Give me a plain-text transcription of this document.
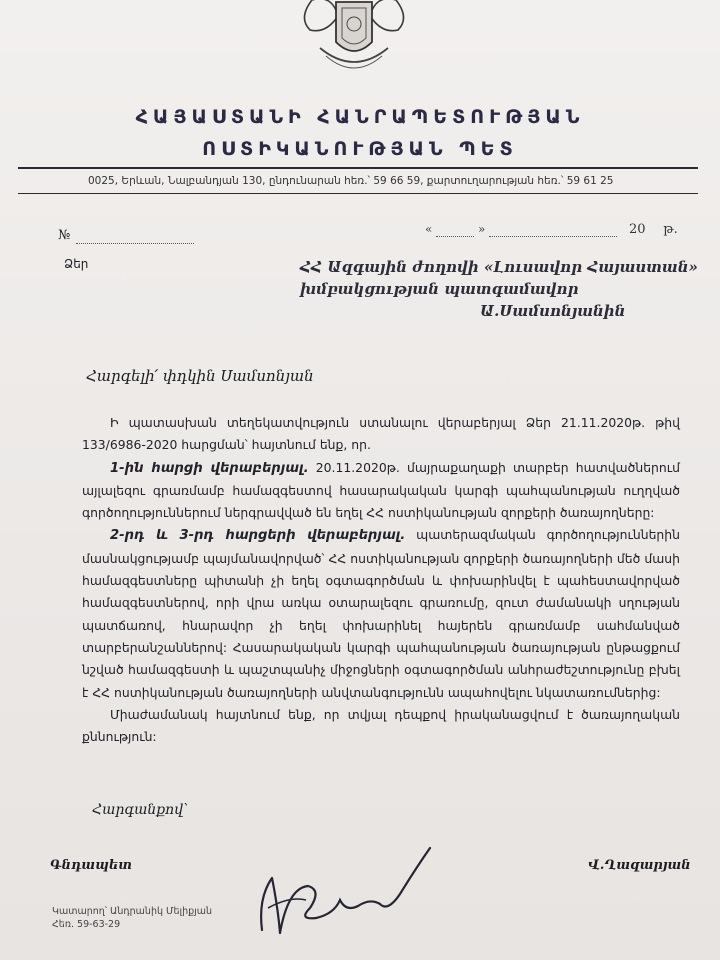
ՀԱՅԱՍՏԱՆԻ ՀԱՆՐԱՊԵՏՈՒԹՅԱՆ
ՈՍՏԻԿԱՆՈՒԹՅԱՆ ՊԵՏ
0025, Երևան, Նալբանդյան 130, ընդունարան հեռ.՝ 59 66 59, քարտուղարության հեռ.՝ 59 61 25
№	«	»	20 թ.
Ձեր	ՀՀ Ազգային ժողովի «Լուսավոր Հայաստան»
խմբակցության պատգամավոր
Ա.Սամսոնյանին
Հարգելի՛ փդկին Սամսոնյան

Ի պատասխան տեղեկատվություն ստանալու վերաբերյալ Ձեր 21.11.2020թ. թիվ 133/6986-2020 հարցման՝ հայտնում ենք, որ.

1-ին հարցի վերաբերյալ. 20.11.2020թ. մայրաքաղաքի տարբեր հատվածներում այլալեզու գրառմամբ համազգեստով հասարակական կարգի պահպանության ուղղված գործողություններում ներգրավված են եղել ՀՀ ոստիկանության զորքերի ծառայողները:

2-րդ և 3-րդ հարցերի վերաբերյալ. պատերազմական գործողություններին մասնակցությամբ պայմանավորված՝ ՀՀ ոստիկանության զորքերի ծառայողների մեծ մասի համազգեստները պիտանի չի եղել օգտագործման և փոխարինվել է պահեստավորված համազգեստներով, որի վրա առկա օտարալեզու գրառումը, զուտ ժամանակի սղության պատճառով, հնարավոր չի եղել փոխարինել հայերեն գրառմամբ սահմանված տարբերանշաններով: Հասարակական կարգի պահպանության ծառայության ընթացքում նշված համազգեստի և պաշտպանիչ միջոցների օգտագործման անհրաժեշտությունը բխել է ՀՀ ոստիկանության ծառայողների անվտանգությունն ապահովելու նկատառումներից:

Միաժամանակ հայտնում ենք, որ տվյալ դեպքով իրականացվում է ծառայողական քննություն:

Հարգանքով՝
Գնդապետ	Վ.Ղազարյան
Կատարող՝ Անդրանիկ Մելիքյան
Հեռ. 59-63-29
